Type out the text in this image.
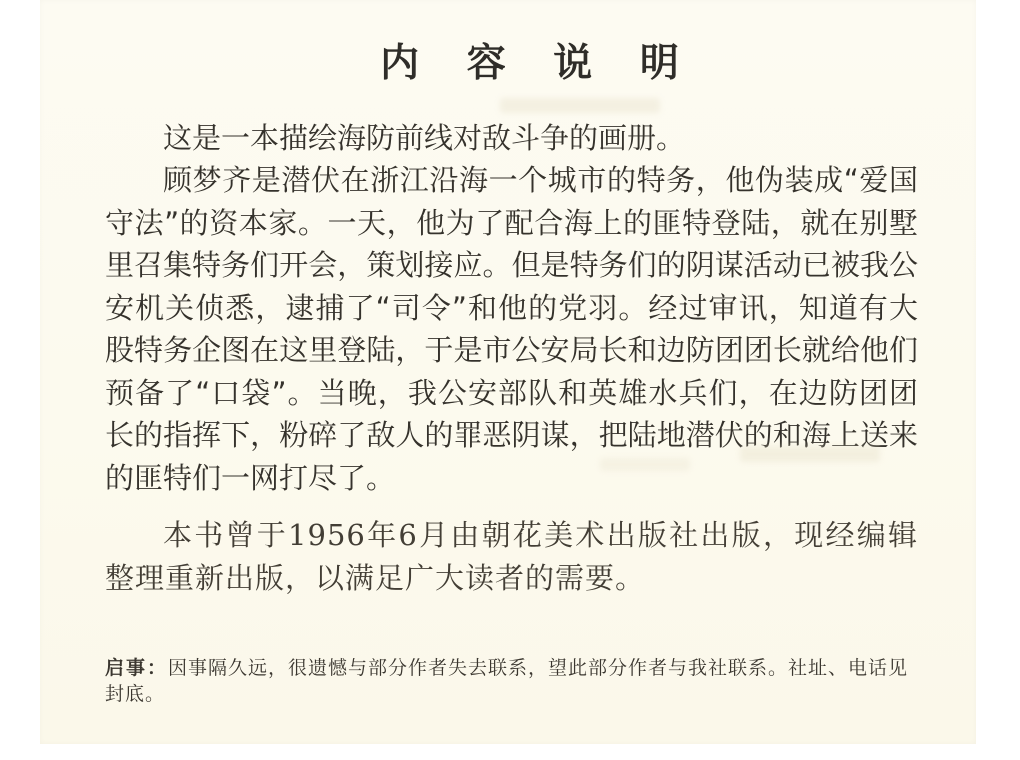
内 容 说 明

这是一本描绘海防前线对敌斗争的画册。

顾梦齐是潜伏在浙江沿海一个城市的特务，他伪装成“爱国守法”的资本家。一天，他为了配合海上的匪特登陆，就在别墅里召集特务们开会，策划接应。但是特务们的阴谋活动已被我公安机关侦悉，逮捕了“司令”和他的党羽。经过审讯，知道有大股特务企图在这里登陆，于是市公安局长和边防团团长就给他们预备了“口袋”。当晚，我公安部队和英雄水兵们，在边防团团长的指挥下，粉碎了敌人的罪恶阴谋，把陆地潜伏的和海上送来的匪特们一网打尽了。

本书曾于1956年6月由朝花美术出版社出版，现经编辑整理重新出版，以满足广大读者的需要。

启事：因事隔久远，很遗憾与部分作者失去联系，望此部分作者与我社联系。社址、电话见封底。
